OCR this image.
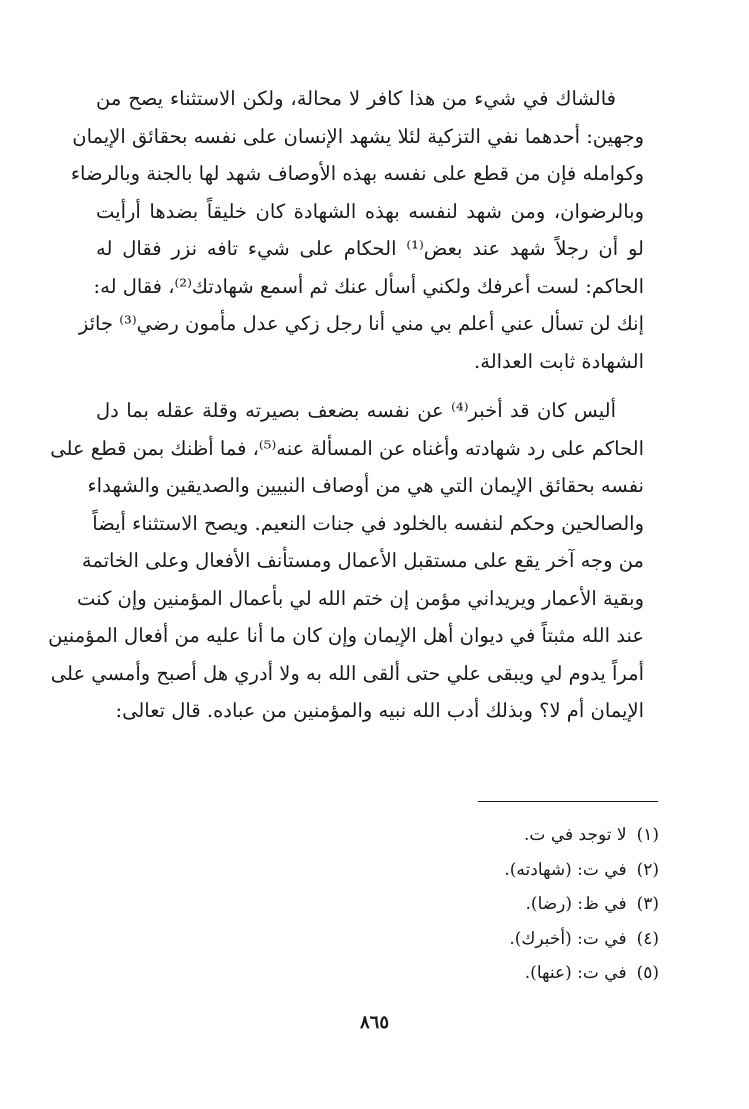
فالشاك في شيء من هذا كافر لا محالة، ولكن الاستثناء يصح من
وجهين: أحدهما نفي التزكية لئلا يشهد الإنسان على نفسه بحقائق الإيمان
وكوامله فإن من قطع على نفسه بهذه الأوصاف شهد لها بالجنة وبالرضاء
وبالرضوان، ومن شهد لنفسه بهذه الشهادة كان خليقاً بضدها أرأيت
لو أن رجلاً شهد عند بعض⁽¹⁾ الحكام على شيء تافه نزر فقال له
الحاكم: لست أعرفك ولكني أسأل عنك ثم أسمع شهادتك⁽²⁾، فقال له:
إنك لن تسأل عني أعلم بي مني أنا رجل زكي عدل مأمون رضي⁽³⁾ جائز
الشهادة ثابت العدالة.
أليس كان قد أخبر⁽⁴⁾ عن نفسه بضعف بصيرته وقلة عقله بما دل
الحاكم على رد شهادته وأغناه عن المسألة عنه⁽⁵⁾، فما أظنك بمن قطع على
نفسه بحقائق الإيمان التي هي من أوصاف النبيين والصديقين والشهداء
والصالحين وحكم لنفسه بالخلود في جنات النعيم. ويصح الاستثناء أيضاً
من وجه آخر يقع على مستقبل الأعمال ومستأنف الأفعال وعلى الخاتمة
وبقية الأعمار ويريداني مؤمن إن ختم الله لي بأعمال المؤمنين وإن كنت
عند الله مثبتاً في ديوان أهل الإيمان وإن كان ما أنا عليه من أفعال المؤمنين
أمراً يدوم لي ويبقى علي حتى ألقى الله به ولا أدري هل أصبح وأمسي على
الإيمان أم لا؟ وبذلك أدب الله نبيه والمؤمنين من عباده. قال تعالى:
(١)لا توجد في ت.
(٢)في ت: (شهادته).
(٣)في ظ: (رضا).
(٤)في ت: (أخبرك).
(٥)في ت: (عنها).
٨٦٥
